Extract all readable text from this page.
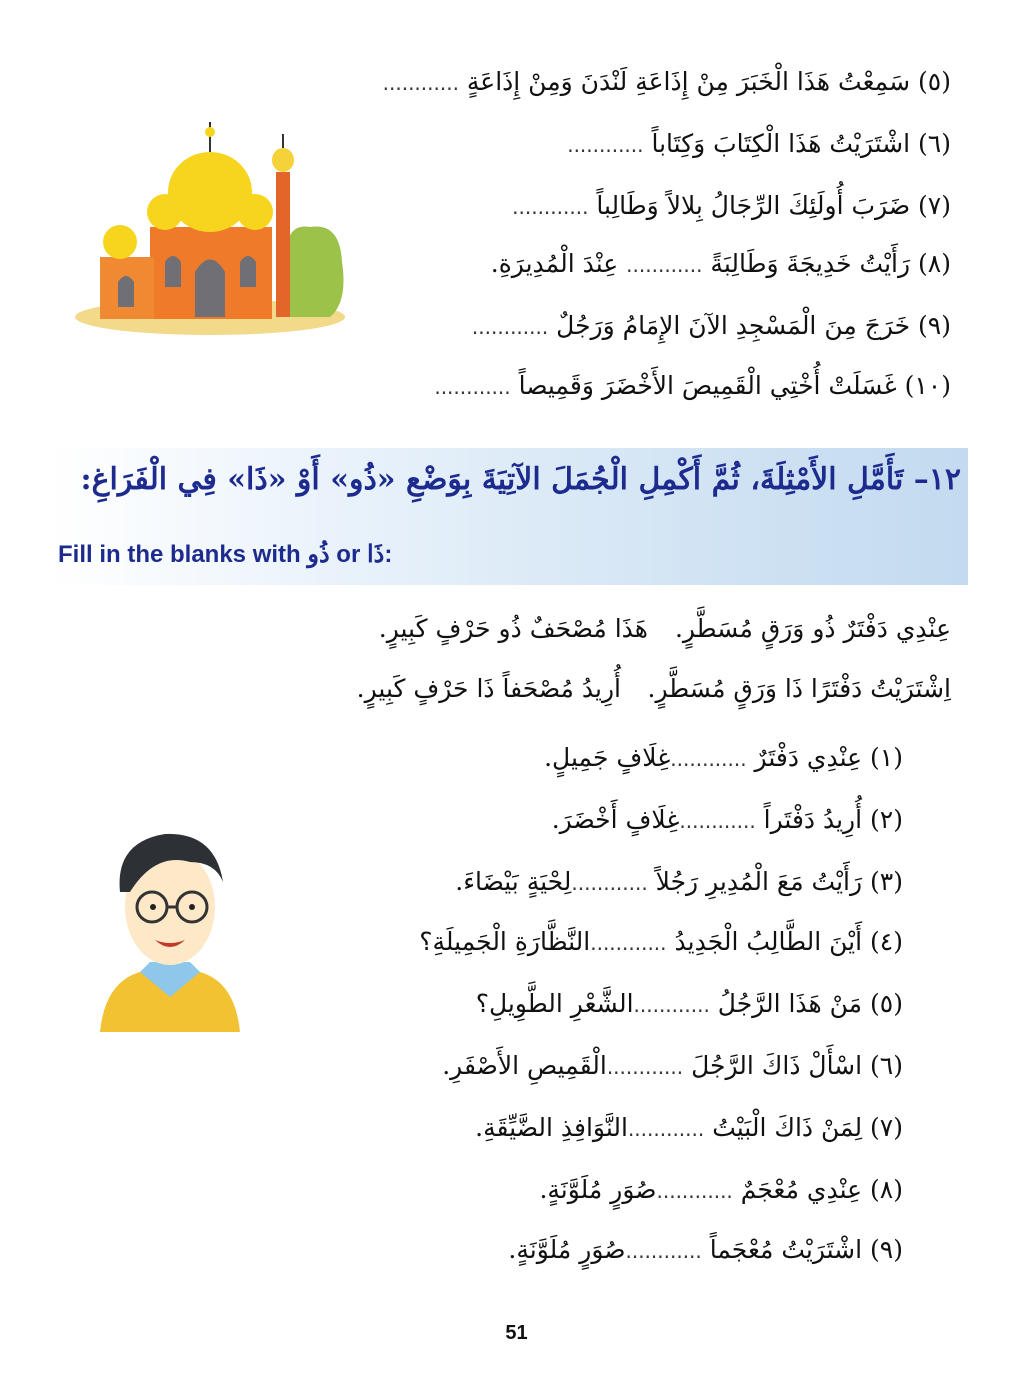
(٥) سَمِعْتُ هَذَا الْخَبَرَ مِنْ إِذَاعَةِ لَنْدَنَ وَمِنْ إِذَاعَةٍ ............
(٦) اشْتَرَيْتُ هَذَا الْكِتَابَ وَكِتَاباً ............
(٧) ضَرَبَ أُولَئِكَ الرِّجَالُ بِلالاً وَطَالِباً ............
(٨) رَأَيْتُ خَدِيجَةَ وَطَالِبَةً ............ عِنْدَ الْمُدِيرَةِ.
(٩) خَرَجَ مِنَ الْمَسْجِدِ الآنَ الإِمَامُ وَرَجُلٌ ............
(١٠) غَسَلَتْ أُخْتِي الْقَمِيصَ الأَخْضَرَ وَقَمِيصاً ............
١٢– تَأَمَّلِ الأَمْثِلَةَ، ثُمَّ أَكْمِلِ الْجُمَلَ الآتِيَةَ بِوَضْعِ «ذُو» أَوْ «ذَا» فِي الْفَرَاغِ:
Fill in the blanks with ذُو or ذَا:
عِنْدِي دَفْتَرٌ ذُو وَرَقٍ مُسَطَّرٍ.
هَذَا مُصْحَفٌ ذُو حَرْفٍ كَبِيرٍ.
اِشْتَرَيْتُ دَفْتَرًا ذَا وَرَقٍ مُسَطَّرٍ.
أُرِيدُ مُصْحَفاً ذَا حَرْفٍ كَبِيرٍ.
(١) عِنْدِي دَفْتَرٌ ............غِلَافٍ جَمِيلٍ.
(٢) أُرِيدُ دَفْتَراً ............غِلَافٍ أَخْضَرَ.
(٣) رَأَيْتُ مَعَ الْمُدِيرِ رَجُلاً ............لِحْيَةٍ بَيْضَاءَ.
(٤) أَيْنَ الطَّالِبُ الْجَدِيدُ ............النَّظَّارَةِ الْجَمِيلَةِ؟
(٥) مَنْ هَذَا الرَّجُلُ ............الشَّعْرِ الطَّوِيلِ؟
(٦) اسْأَلْ ذَاكَ الرَّجُلَ ............الْقَمِيصِ الأَصْفَرِ.
(٧) لِمَنْ ذَاكَ الْبَيْتُ ............النَّوَافِذِ الضَّيِّقَةِ.
(٨) عِنْدِي مُعْجَمٌ ............صُوَرٍ مُلَوَّنَةٍ.
(٩) اشْتَرَيْتُ مُعْجَماً ............صُوَرٍ مُلَوَّنَةٍ.
51
